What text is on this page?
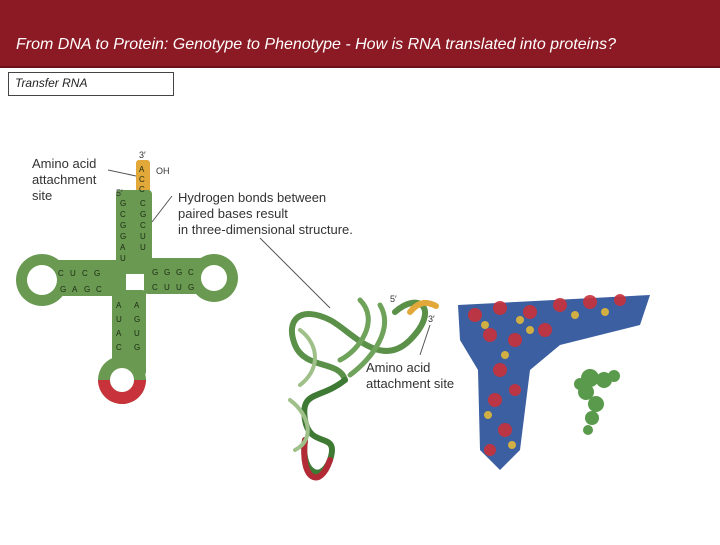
From DNA to Protein: Genotype to Phenotype - How is RNA translated into proteins?
Transfer RNA
A
C
C
G
C
G
G
A
U
C
G
C
U
U
C U C G
G A G C
G G G C
C U U G
A
U
A
C
A
G
U
G
Amino acid
attachment
site
3′
OH
5′	Hydrogen bonds between
paired bases result
in three-dimensional structure.
5′
3′
Amino acid
attachment site
